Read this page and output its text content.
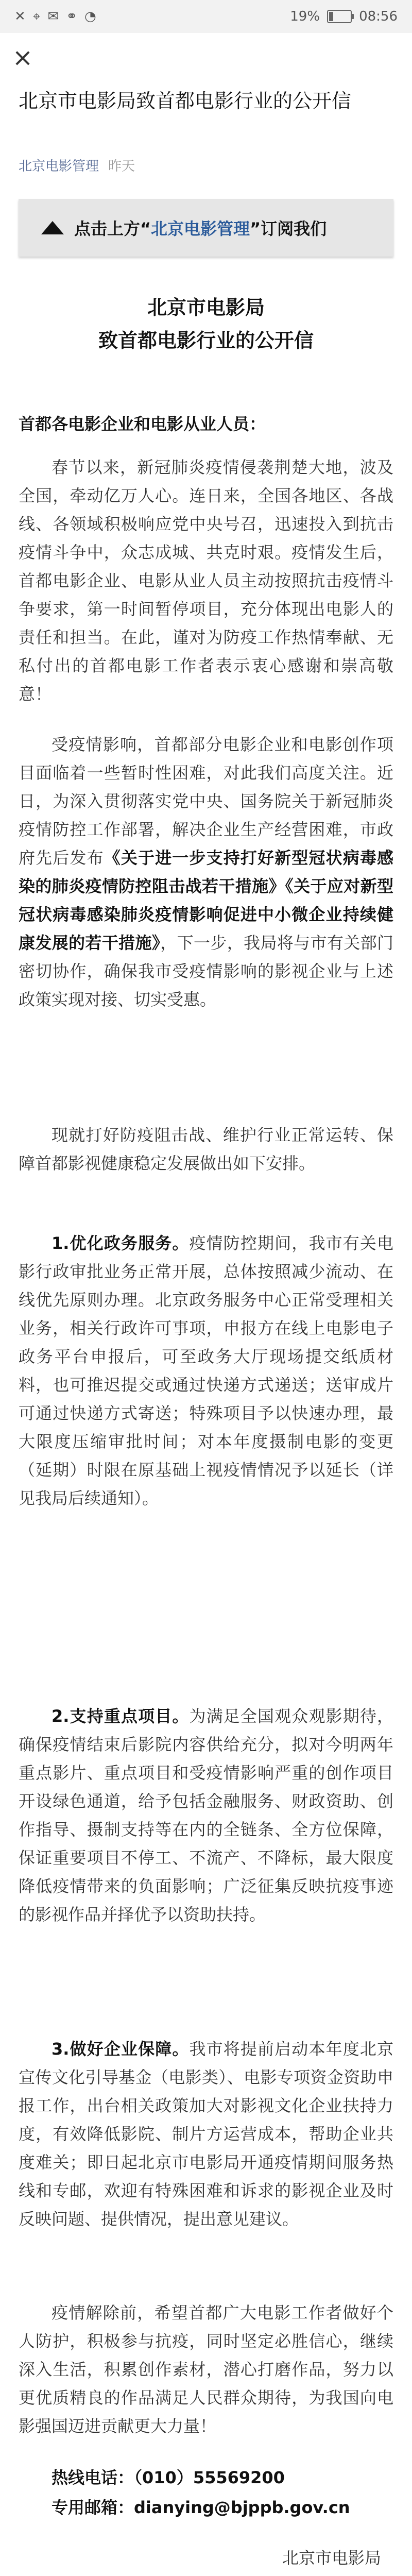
✕ ⌖ ✉ ⚭ ◔	19%	08:56
×
北京市电影局致首都电影行业的公开信
北京电影管理 昨天
点击上方“北京电影管理”订阅我们
北京市电影局
致首都电影行业的公开信
首都各电影企业和电影从业人员：

春节以来，新冠肺炎疫情侵袭荆楚大地，波及全国，牵动亿万人心。连日来，全国各地区、各战线、各领域积极响应党中央号召，迅速投入到抗击疫情斗争中，众志成城、共克时艰。疫情发生后，首都电影企业、电影从业人员主动按照抗击疫情斗争要求，第一时间暂停项目，充分体现出电影人的责任和担当。在此，谨对为防疫工作热情奉献、无私付出的首都电影工作者表示衷心感谢和崇高敬意！

受疫情影响，首都部分电影企业和电影创作项目面临着一些暂时性困难，对此我们高度关注。近日，为深入贯彻落实党中央、国务院关于新冠肺炎疫情防控工作部署，解决企业生产经营困难，市政府先后发布《关于进一步支持打好新型冠状病毒感染的肺炎疫情防控阻击战若干措施》《关于应对新型冠状病毒感染肺炎疫情影响促进中小微企业持续健康发展的若干措施》，下一步，我局将与市有关部门密切协作，确保我市受疫情影响的影视企业与上述政策实现对接、切实受惠。

现就打好防疫阻击战、维护行业正常运转、保障首都影视健康稳定发展做出如下安排。

1.优化政务服务。疫情防控期间，我市有关电影行政审批业务正常开展，总体按照减少流动、在线优先原则办理。北京政务服务中心正常受理相关业务，相关行政许可事项，申报方在线上电影电子政务平台申报后，可至政务大厅现场提交纸质材料，也可推迟提交或通过快递方式递送；送审成片可通过快递方式寄送；特殊项目予以快速办理，最大限度压缩审批时间；对本年度摄制电影的变更（延期）时限在原基础上视疫情情况予以延长（详见我局后续通知）。

2.支持重点项目。为满足全国观众观影期待，确保疫情结束后影院内容供给充分，拟对今明两年重点影片、重点项目和受疫情影响严重的创作项目开设绿色通道，给予包括金融服务、财政资助、创作指导、摄制支持等在内的全链条、全方位保障，保证重要项目不停工、不流产、不降标，最大限度降低疫情带来的负面影响；广泛征集反映抗疫事迹的影视作品并择优予以资助扶持。

3.做好企业保障。我市将提前启动本年度北京宣传文化引导基金（电影类）、电影专项资金资助申报工作，出台相关政策加大对影视文化企业扶持力度，有效降低影院、制片方运营成本，帮助企业共度难关；即日起北京市电影局开通疫情期间服务热线和专邮，欢迎有特殊困难和诉求的影视企业及时反映问题、提供情况，提出意见建议。

疫情解除前，希望首都广大电影工作者做好个人防护，积极参与抗疫，同时坚定必胜信心，继续深入生活，积累创作素材，潜心打磨作品，努力以更优质精良的作品满足人民群众期待，为我国向电影强国迈进贡献更大力量！

热线电话：（010）55569200
专用邮箱：dianying@bjppb.gov.cn
北京市电影局
